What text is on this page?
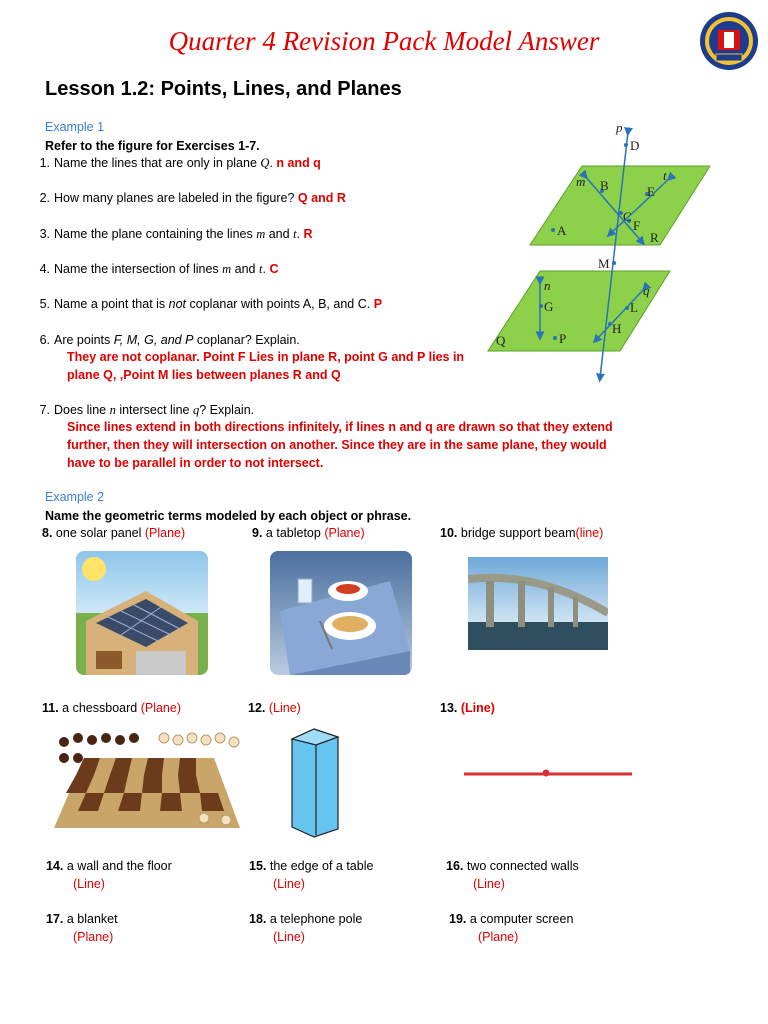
Quarter 4 Revision Pack Model Answer
Lesson 1.2: Points, Lines, and Planes
Example 1
Refer to the figure for Exercises 1-7.
1. Name the lines that are only in plane Q. n and q
2. How many planes are labeled in the figure? Q and R
3. Name the plane containing the lines m and t. R
4. Name the intersection of lines m and t. C
5. Name a point that is not coplanar with points A, B, and C. P
6. Are points F, M, G, and P coplanar? Explain.
They are not coplanar. Point F Lies in plane R, point G and P lies in
plane Q, ,Point M lies between planes R and Q
7. Does line n intersect line q? Explain.
Since lines extend in both directions infinitely, if lines n and q are drawn so that they extend
further, then they will intersection on another. Since they are in the same plane, they would
have to be parallel in order to not intersect.
p
D
m B
t
E
C
F
A	R
M
n	q
G	L
H
Q	P
Example 2
Name the geometric terms modeled by each object or phrase.
8. one solar panel (Plane)	9. a tabletop (Plane)	10. bridge support beam(line)
11. a chessboard (Plane)	12. (Line)	13. (Line)
14. a wall and the floor
(Line)
15. the edge of a table
(Line)
16. two connected walls
(Line)
17. a blanket
(Plane)
18. a telephone pole
(Line)
19. a computer screen
(Plane)
